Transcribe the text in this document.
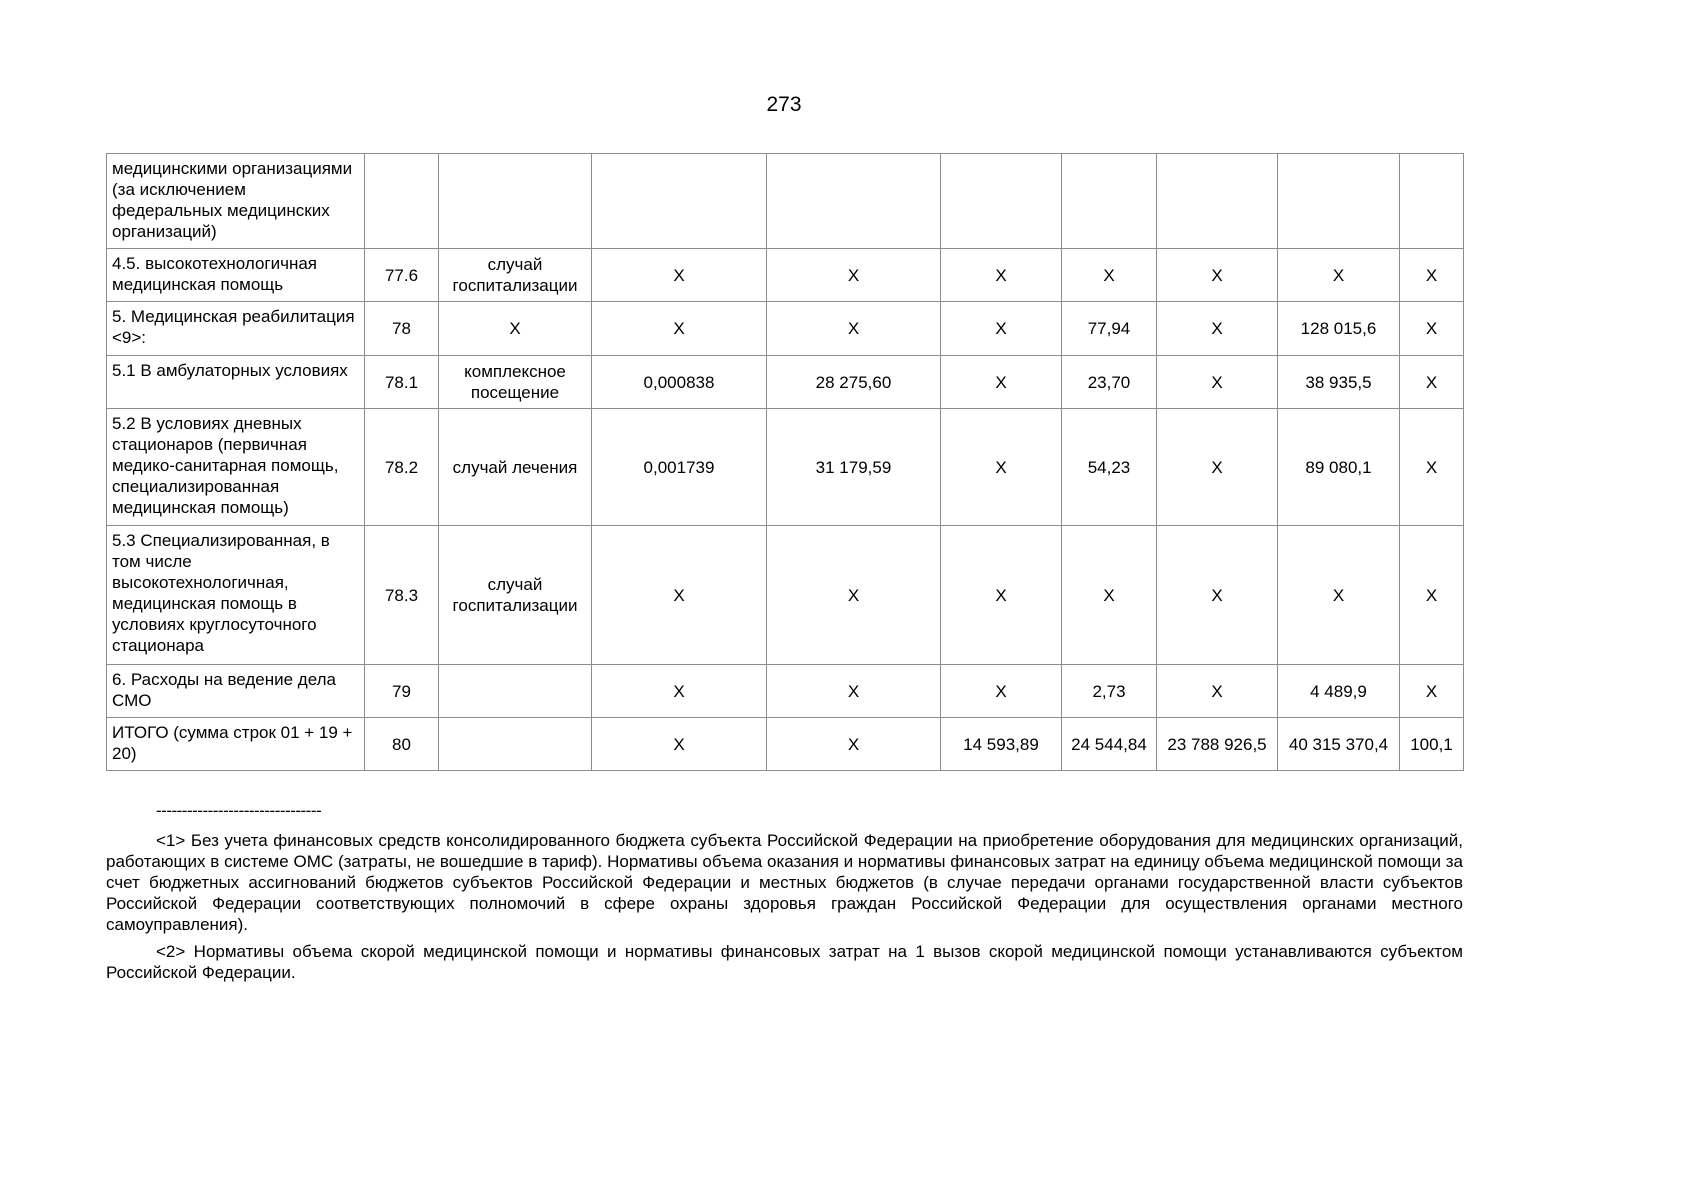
273
медицинскими организациями (за исключением федеральных медицинских организаций)									
4.5. высокотехнологичная медицинская помощь	77.6	случай госпитализации	Х	Х	Х	Х	Х	Х	Х
5. Медицинская реабилитация <9>:	78	Х	Х	Х	Х	77,94	Х	128 015,6	Х
5.1 В амбулаторных условиях	78.1	комплексное посещение	0,000838	28 275,60	Х	23,70	Х	38 935,5	Х
5.2 В условиях дневных стационаров (первичная медико-санитарная помощь, специализированная медицинская помощь)	78.2	случай лечения	0,001739	31 179,59	Х	54,23	Х	89 080,1	Х
5.3 Специализированная, в том числе высокотехнологичная, медицинская помощь в условиях круглосуточного стационара	78.3	случай госпитализации	Х	Х	Х	Х	Х	Х	Х
6. Расходы на ведение дела СМО	79		Х	Х	Х	2,73	Х	4 489,9	Х
ИТОГО (сумма строк 01 + 19 + 20)	80		Х	Х	14 593,89	24 544,84	23 788 926,5	40 315 370,4	100,1
--------------------------------

<1> Без учета финансовых средств консолидированного бюджета субъекта Российской Федерации на приобретение оборудования для медицинских организаций, работающих в системе ОМС (затраты, не вошедшие в тариф). Нормативы объема оказания и нормативы финансовых затрат на единицу объема медицинской помощи за счет бюджетных ассигнований бюджетов субъектов Российской Федерации и местных бюджетов (в случае передачи органами государственной власти субъектов Российской Федерации соответствующих полномочий в сфере охраны здоровья граждан Российской Федерации для осуществления органами местного самоуправления).

<2> Нормативы объема скорой медицинской помощи и нормативы финансовых затрат на 1 вызов скорой медицинской помощи устанавливаются субъектом Российской Федерации.
